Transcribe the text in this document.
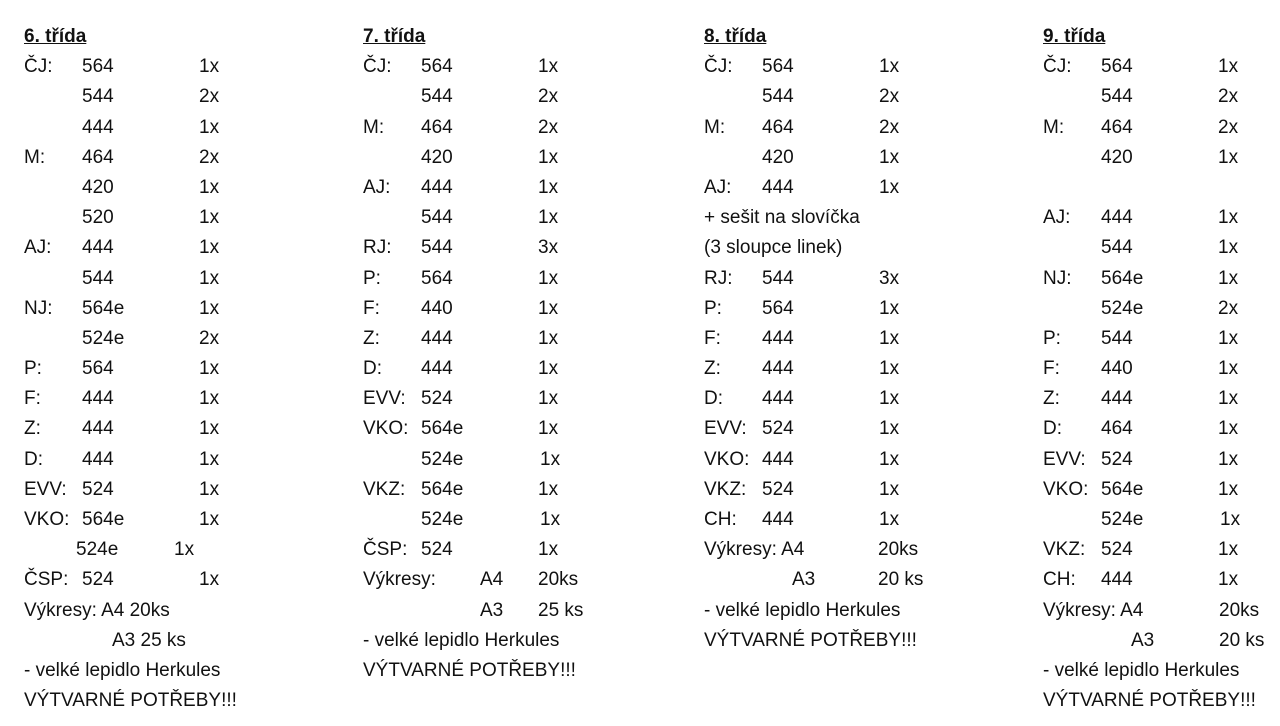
6. třída
ČJ: 564	1x
544	2x
444	1x
M: 464	2x
420	1x
520	1x
AJ: 444	1x
544	1x
NJ: 564e	1x
524e	2x
P: 564	1x
F: 444	1x
Z: 444	1x
D: 444	1x
EVV: 524	1x
VKO: 564e	1x
524e	1x
ČSP: 524	1x
Výkresy: A4 20ks
A3 25 ks
- velké lepidlo Herkules
VÝTVARNÉ POTŘEBY!!!
7. třída
ČJ: 564	1x
544	2x
M: 464	2x
420	1x
AJ: 444	1x
544	1x
RJ: 544	3x
P: 564	1x
F: 440	1x
Z: 444	1x
D: 444	1x
EVV: 524	1x
VKO: 564e	1x
524e	1x
VKZ: 564e	1x
524e	1x
ČSP: 524	1x
Výkresy: A4 20ks
A3 25 ks
- velké lepidlo Herkules
VÝTVARNÉ POTŘEBY!!!
8. třída
ČJ: 564	1x
544	2x
M: 464	2x
420	1x
AJ: 444	1x
+ sešit na slovíčka
(3 sloupce linek)
RJ: 544	3x
P: 564	1x
F: 444	1x
Z: 444	1x
D: 444	1x
EVV: 524	1x
VKO: 444	1x
VKZ: 524	1x
CH: 444	1x
Výkresy: A4	20ks
A3	20 ks
- velké lepidlo Herkules
VÝTVARNÉ POTŘEBY!!!
9. třída
ČJ: 564	1x
544	2x
M: 464	2x
420	1x
AJ: 444	1x
544	1x
NJ: 564e	1x
524e	2x
P: 544	1x
F: 440	1x
Z: 444	1x
D: 464	1x
EVV: 524	1x
VKO: 564e	1x
524e	1x
VKZ: 524	1x
CH: 444	1x
Výkresy: A4	20ks
A3	20 ks
- velké lepidlo Herkules
VÝTVARNÉ POTŘEBY!!!
